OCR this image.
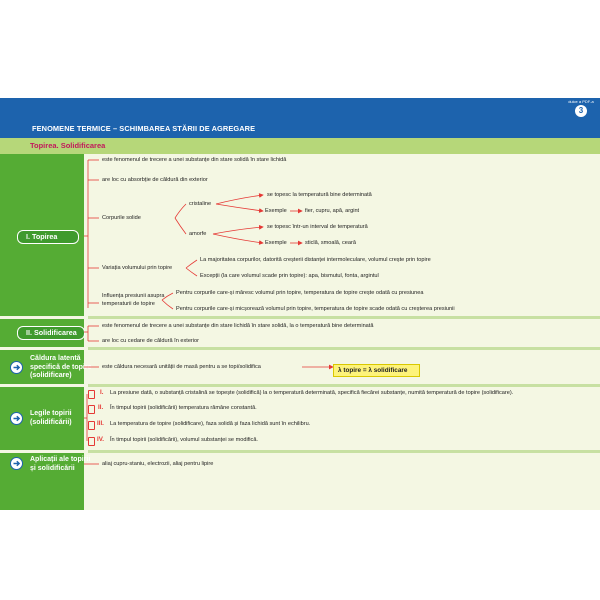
FENOMENE TERMICE – SCHIMBAREA STĂRII DE AGREGARE
Fluiul
dulce a PDF-a
3
Topirea. Solidificarea
I. Topirea
II. Solidificarea
Căldura latentă
specifică de topire
(solidificare)
Legile topirii
(solidificării)
Aplicații ale topirii
și solidificării
este fenomenul de trecere a unei substanțe din stare solidă în stare lichidă
are loc cu absorbție de căldură din exterior
Corpurile solide
cristaline
amorfe
se topesc la temperatură bine determinată
Exemple	fier, cupru, apă, argint
se topesc într-un interval de temperatură
Exemple	sticlă, smoală, ceară
Variația volumului prin topire
La majoritatea corpurilor, datorită creșterii distanței intermoleculare, volumul crește prin topire
Excepții (la care volumul scade prin topire): apa, bismutul, fonta, argintul
Influența presiunii asupra
temperaturii de topire
Pentru corpurile care-și măresc volumul prin topire, temperatura de topire crește odată cu presiunea
Pentru corpurile care-și micșorează volumul prin topire, temperatura de topire scade odată cu creșterea presiunii
este fenomenul de trecere a unei substanțe din stare lichidă în stare solidă, la o temperatură bine determinată
are loc cu cedare de căldură în exterior
este căldura necesară unității de masă pentru a se topi/solidifica	λ topire = λ solidificare
I. La presiune dată, o substanță cristalină se topește (solidifică) la o temperatură determinată, specifică fiecărei substanțe, numită temperatură de topire (solidificare).
II. În timpul topirii (solidificării) temperatura rămâne constantă.
III. La temperatura de topire (solidificare), faza solidă și faza lichidă sunt în echilibru.
IV. În timpul topirii (solidificării), volumul substanței se modifică.
aliaj cupru-staniu, electrozii, aliaj pentru lipire
